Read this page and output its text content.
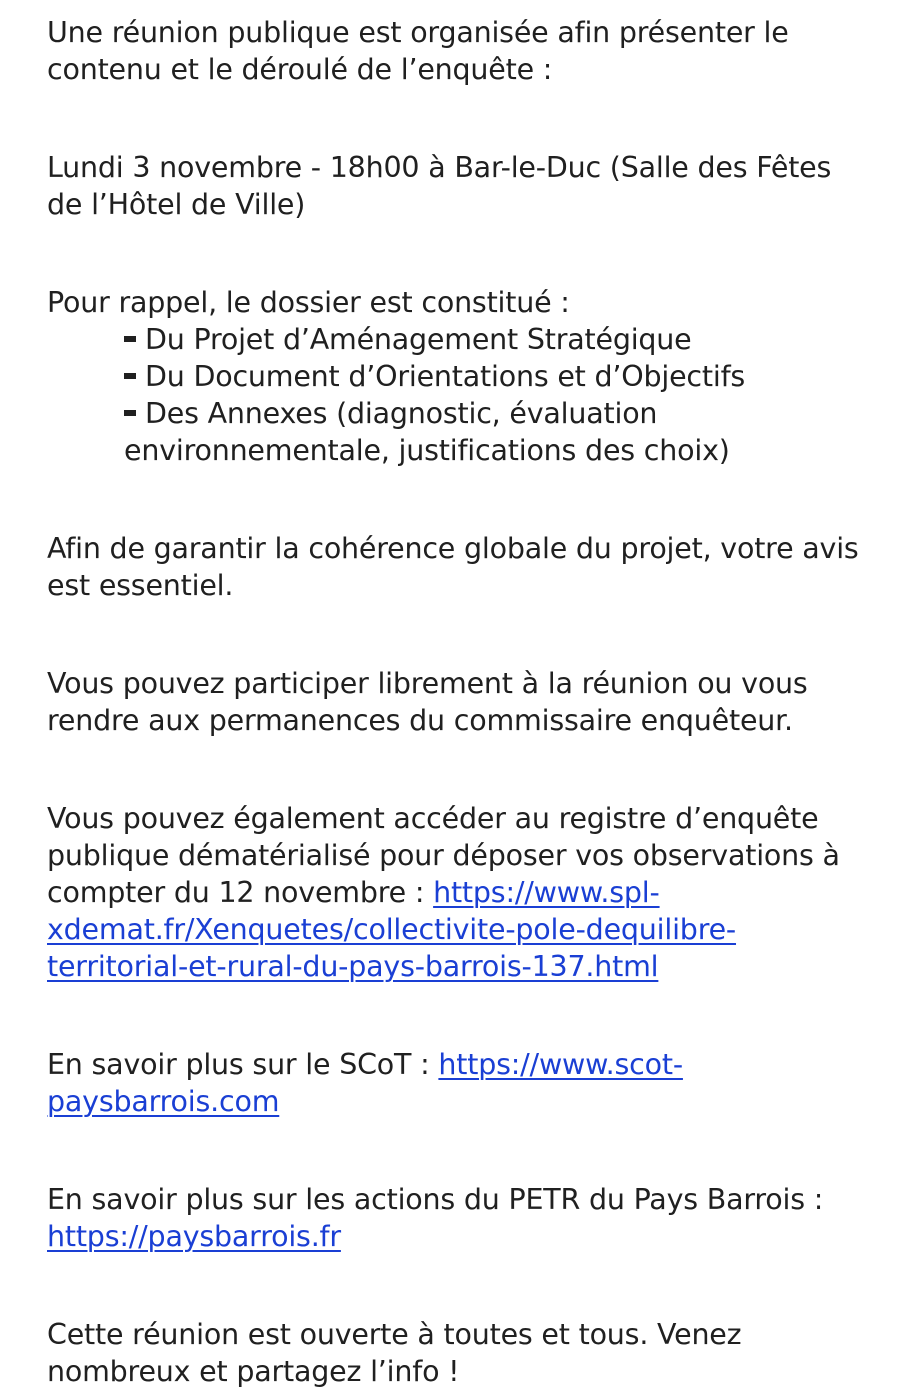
Une réunion publique est organisée afin présenter le
contenu et le déroulé de l’enquête :

Lundi 3 novembre - 18h00 à Bar-le-Duc (Salle des Fêtes
de l’Hôtel de Ville)

Pour rappel, le dossier est constitué :
Du Projet d’Aménagement Stratégique
Du Document d’Orientations et d’Objectifs
Des Annexes (diagnostic, évaluation
environnementale, justifications des choix)

Afin de garantir la cohérence globale du projet, votre avis
est essentiel.

Vous pouvez participer librement à la réunion ou vous
rendre aux permanences du commissaire enquêteur.

Vous pouvez également accéder au registre d’enquête
publique dématérialisé pour déposer vos observations à
compter du 12 novembre : https://www.spl-
xdemat.fr/Xenquetes/collectivite-pole-dequilibre-
territorial-et-rural-du-pays-barrois-137.html

En savoir plus sur le SCoT : https://www.scot-
paysbarrois.com

En savoir plus sur les actions du PETR du Pays Barrois :
https://paysbarrois.fr

Cette réunion est ouverte à toutes et tous. Venez
nombreux et partagez l’info !
